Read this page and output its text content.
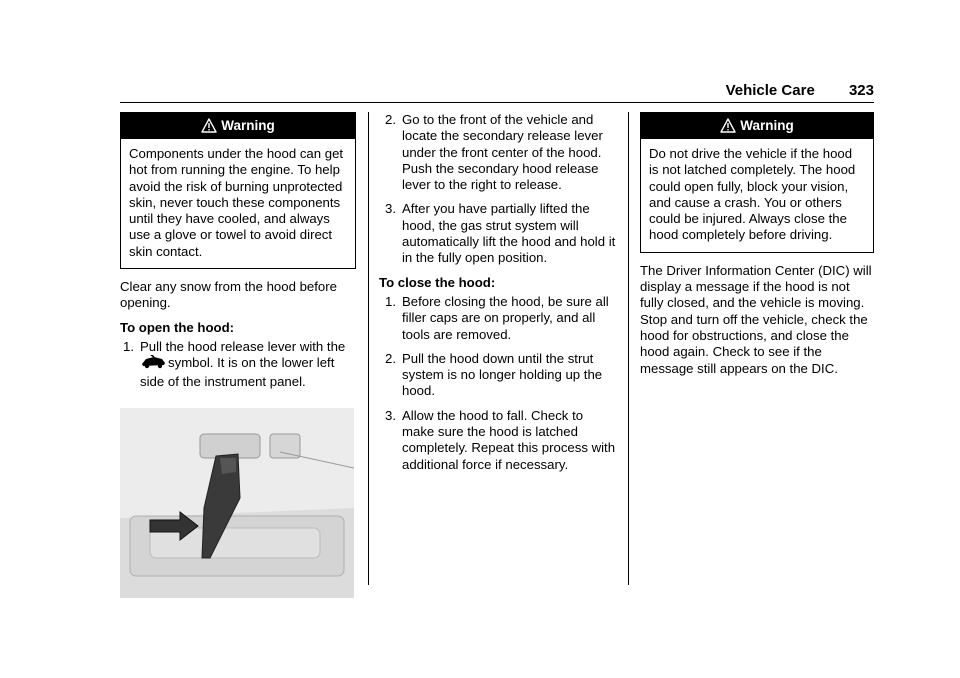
Vehicle Care 323
Warning
Components under the hood can get hot from running the engine. To help avoid the risk of burning unprotected skin, never touch these components until they have cooled, and always use a glove or towel to avoid direct skin contact.

Clear any snow from the hood before opening.

To open the hood:

1. Pull the hood release lever with the
symbol. It is on the lower left side of the instrument panel.
2. Go to the front of the vehicle and locate the secondary release lever under the front center of the hood. Push the secondary hood release lever to the right to release.
3. After you have partially lifted the hood, the gas strut system will automatically lift the hood and hold it in the fully open position.

To close the hood:

1. Before closing the hood, be sure all filler caps are on properly, and all tools are removed.
2. Pull the hood down until the strut system is no longer holding up the hood.
3. Allow the hood to fall. Check to make sure the hood is latched completely. Repeat this process with additional force if necessary.
Warning
Do not drive the vehicle if the hood is not latched completely. The hood could open fully, block your vision, and cause a crash. You or others could be injured. Always close the hood completely before driving.

The Driver Information Center (DIC) will display a message if the hood is not fully closed, and the vehicle is moving. Stop and turn off the vehicle, check the hood for obstructions, and close the hood again. Check to see if the message still appears on the DIC.
